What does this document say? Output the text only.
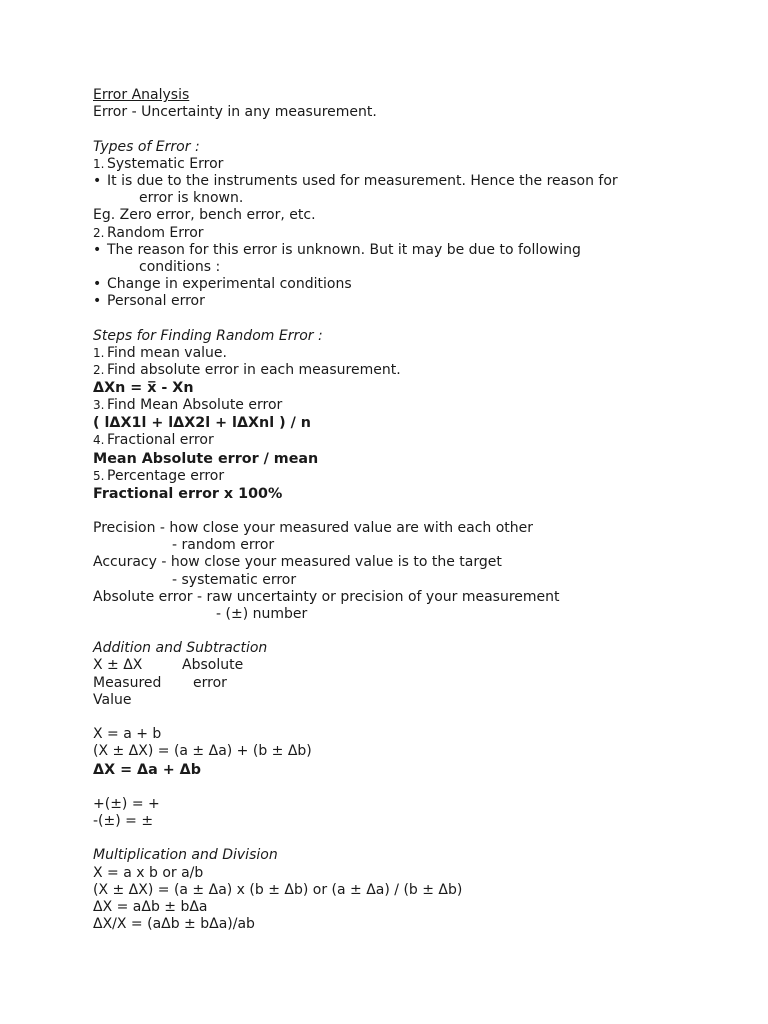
Error Analysis
Error - Uncertainty in any measurement.
Types of Error :
1. Systematic Error
• It is due to the instruments used for measurement. Hence the reason for
error is known.
Eg. Zero error, bench error, etc.
2. Random Error
• The reason for this error is unknown. But it may be due to following
conditions :
• Change in experimental conditions
• Personal error
Steps for Finding Random Error :
1. Find mean value.
2. Find absolute error in each measurement.
ΔXn = x̅ - Xn
3. Find Mean Absolute error
( lΔX1l + lΔX2l + lΔXnl ) / n
4. Fractional error
Mean Absolute error / mean
5. Percentage error
Fractional error x 100%
Precision - how close your measured value are with each other
- random error
Accuracy - how close your measured value is to the target
- systematic error
Absolute error - raw uncertainty or precision of your measurement
- (±) number
Addition and Subtraction
X ± ΔX	Absolute
Measured error
Value
X = a + b
(X ± ΔX) = (a ± Δa) + (b ± Δb)
ΔX = Δa + Δb
+(±) = +
-(±) = ±
Multiplication and Division
X = a x b or a/b
(X ± ΔX) = (a ± Δa) x (b ± Δb) or (a ± Δa) / (b ± Δb)
ΔX = aΔb ± bΔa
ΔX/X = (aΔb ± bΔa)/ab
